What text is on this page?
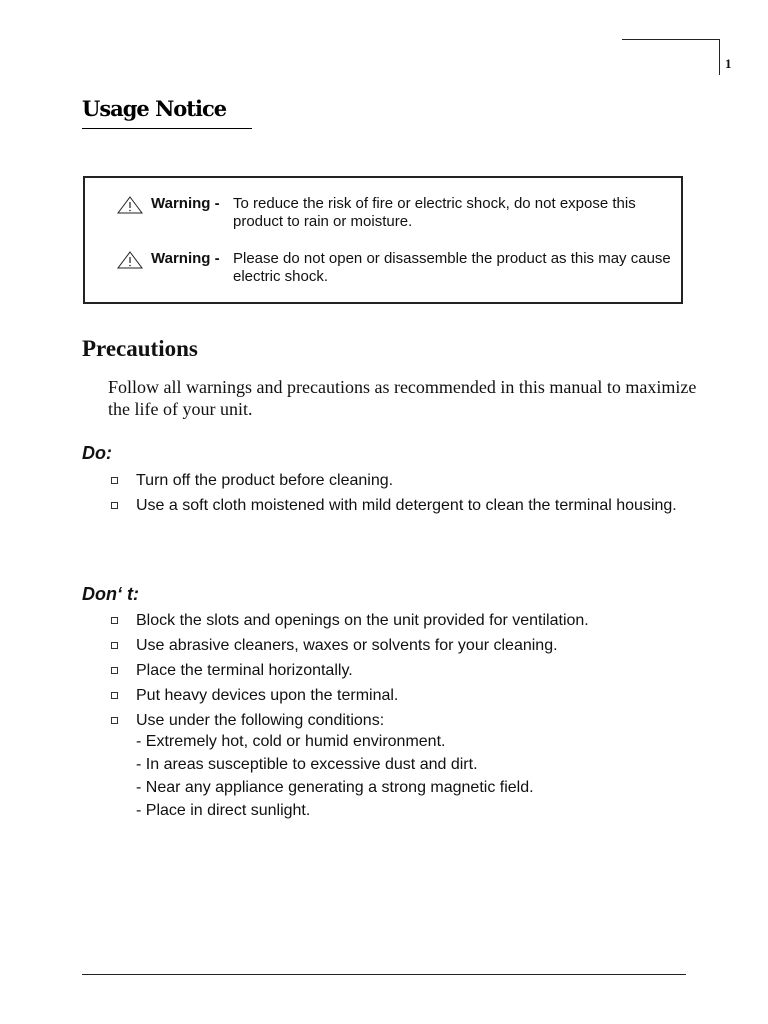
1
Usage Notice
Warning - To reduce the risk of fire or electric shock, do not expose this product to rain or moisture.
Warning - Please do not open or disassemble the product as this may cause electric shock.
Precautions
Follow all warnings and precautions as recommended in this manual to maximize the life of your unit.
Do:
Turn off the product before cleaning.
Use a soft cloth moistened with mild detergent to clean the terminal housing.
Don‘ t:
Block the slots and openings on the unit provided for ventilation.
Use abrasive cleaners, waxes or solvents for your cleaning.
Place the terminal horizontally.
Put heavy devices upon the terminal.
Use under the following conditions:
- Extremely hot, cold or humid environment.
- In areas susceptible to excessive dust and dirt.
- Near any appliance generating a strong magnetic field.
- Place in direct sunlight.
